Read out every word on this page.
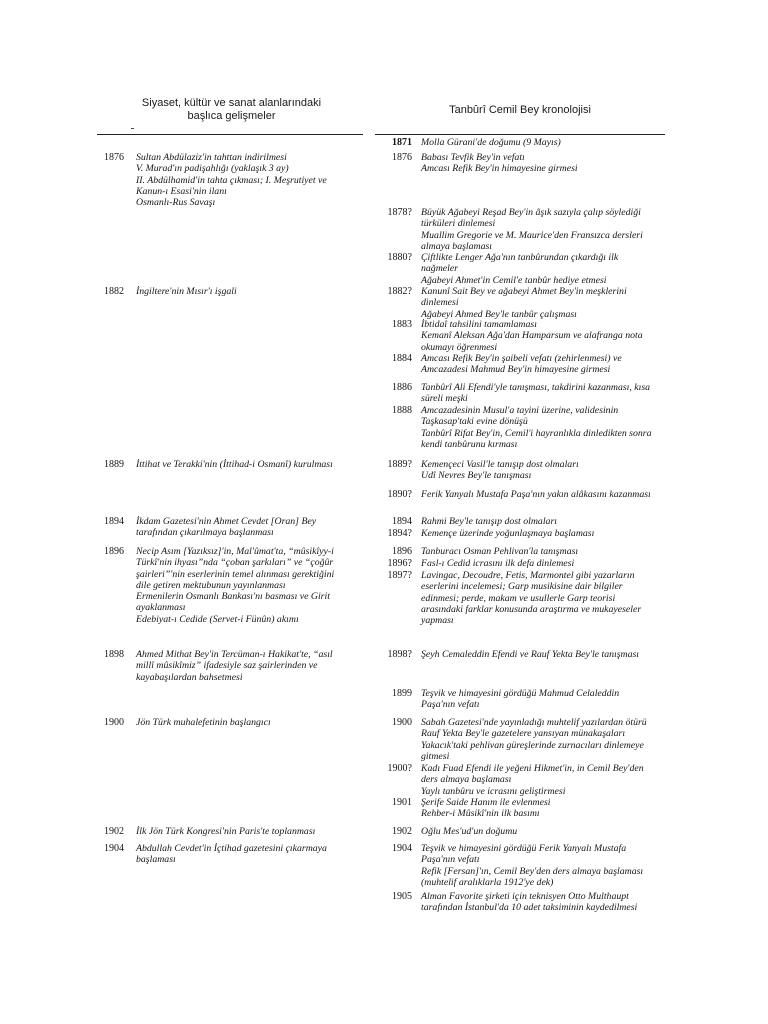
Siyaset, kültür ve sanat alanlarındaki
başlıca gelişmeler	Tanbûrî Cemil Bey kronolojisi
1876 Sultan Abdülaziz'in tahttan indirilmesi
V. Murad'ın padişahlığı (yaklaşık 3 ay)
II. Abdülhamid'in tahta çıkması; I. Meşrutiyet ve
Kanun-ı Esasi'nin ilanı
Osmanlı-Rus Savaşı
1882 İngiltere'nin Mısır'ı işgali
1889 İttihat ve Terakki'nin (İttihad-i Osmanî) kurulması
1894 İkdam Gazetesi'nin Ahmet Cevdet [Oran] Bey
tarafından çıkarılmaya başlanması
1896 Necip Asım [Yazıksız]'in, Mal'ûmat'ta, “mûsikîyy-i
Türkî'nin ihyası”nda “çoban şarkıları” ve “çoğûr
şairleri”'nin eserlerinin temel alınması gerektiğini
dile getiren mektubunun yayınlanması
Ermenilerin Osmanlı Bankası'nı basması ve Girit
ayaklanması
Edebiyat-ı Cedide (Servet-i Fünûn) akımı
1898 Ahmed Mithat Bey'in Tercüman-ı Hakikat'te, “asıl
millî mûsikîmiz” ifadesiyle saz şairlerinden ve
kayabaşılardan bahsetmesi
1900 Jön Türk muhalefetinin başlangıcı
1902 İlk Jön Türk Kongresi'nin Paris'te toplanması
1904 Abdullah Cevdet'in İçtihad gazetesini çıkarmaya
başlaması
1871 Molla Gürani'de doğumu (9 Mayıs)
1876 Babası Tevfik Bey'in vefatı
Amcası Refik Bey'in himayesine girmesi
1878? Büyük Ağabeyi Reşad Bey'in âşık sazıyla çalıp söylediği
türküleri dinlemesi
Muallim Gregorie ve M. Maurice'den Fransızca dersleri
almaya başlaması
1880? Çiftlikte Lenger Ağa'nın tanbûrundan çıkardığı ilk
nağmeler
Ağabeyi Ahmet'in Cemil'e tanbûr hediye etmesi
1882? Kanunî Sait Bey ve ağabeyi Ahmet Bey'in meşklerini
dinlemesi
Ağabeyi Ahmed Bey'le tanbûr çalışması
1883 İbtidaî tahsilini tamamlaması
Kemanî Aleksan Ağa'dan Hamparsum ve alafranga nota
okumayı öğrenmesi
1884 Amcası Refik Bey'in şaibeli vefatı (zehirlenmesi) ve
Amcazadesi Mahmud Bey'in himayesine girmesi
1886 Tanbûrî Ali Efendi'yle tanışması, takdirini kazanması, kısa
süreli meşki
1888 Amcazadesinin Musul'a tayini üzerine, validesinin
Taşkasap'taki evine dönüşü
Tanbûrî Rifat Bey'in, Cemil'i hayranlıkla dinledikten sonra
kendi tanbûrunu kırması
1889? Kemençeci Vasil'le tanışıp dost olmaları
Udî Nevres Bey'le tanışması
1890? Ferik Yanyalı Mustafa Paşa'nın yakın alâkasını kazanması
1894 Rahmi Bey'le tanışıp dost olmaları
1894? Kemençe üzerinde yoğunlaşmaya başlaması
1896 Tanburacı Osman Pehlivan'la tanışması
1896? Fasl-ı Cedid icrasını ilk defa dinlemesi
1897? Lavingac, Decoudre, Fetis, Marmontel gibi yazarların
eserlerini incelemesi; Garp musikisine dair bilgiler
edinmesi; perde, makam ve usullerle Garp teorisi
arasındaki farklar konusunda araştırma ve mukayeseler
yapması
1898? Şeyh Cemaleddin Efendi ve Rauf Yekta Bey'le tanışması
1899 Teşvik ve himayesini gördüğü Mahmud Celaleddin
Paşa'nın vefatı
1900 Sabah Gazetesi'nde yayınladığı muhtelif yazılardan ötürü
Rauf Yekta Bey'le gazetelere yansıyan münakaşaları
Yakacık'taki pehlivan güreşlerinde zurnacıları dinlemeye
gitmesi
1900? Kadı Fuad Efendi ile yeğeni Hikmet'in, in Cemil Bey'den
ders almaya başlaması
Yaylı tanbûru ve icrasını geliştirmesi
1901 Şerife Saide Hanım ile evlenmesi
Rehber-i Mûsikî'nin ilk basımı
1902 Oğlu Mes'ud'un doğumu
1904 Teşvik ve himayesini gördüğü Ferik Yanyalı Mustafa
Paşa'nın vefatı
Refik [Fersan]'ın, Cemil Bey'den ders almaya başlaması
(muhtelif aralıklarla 1912'ye dek)
1905 Alman Favorite şirketi için teknisyen Otto Multhaupt
tarafından İstanbul'da 10 adet taksiminin kaydedilmesi
